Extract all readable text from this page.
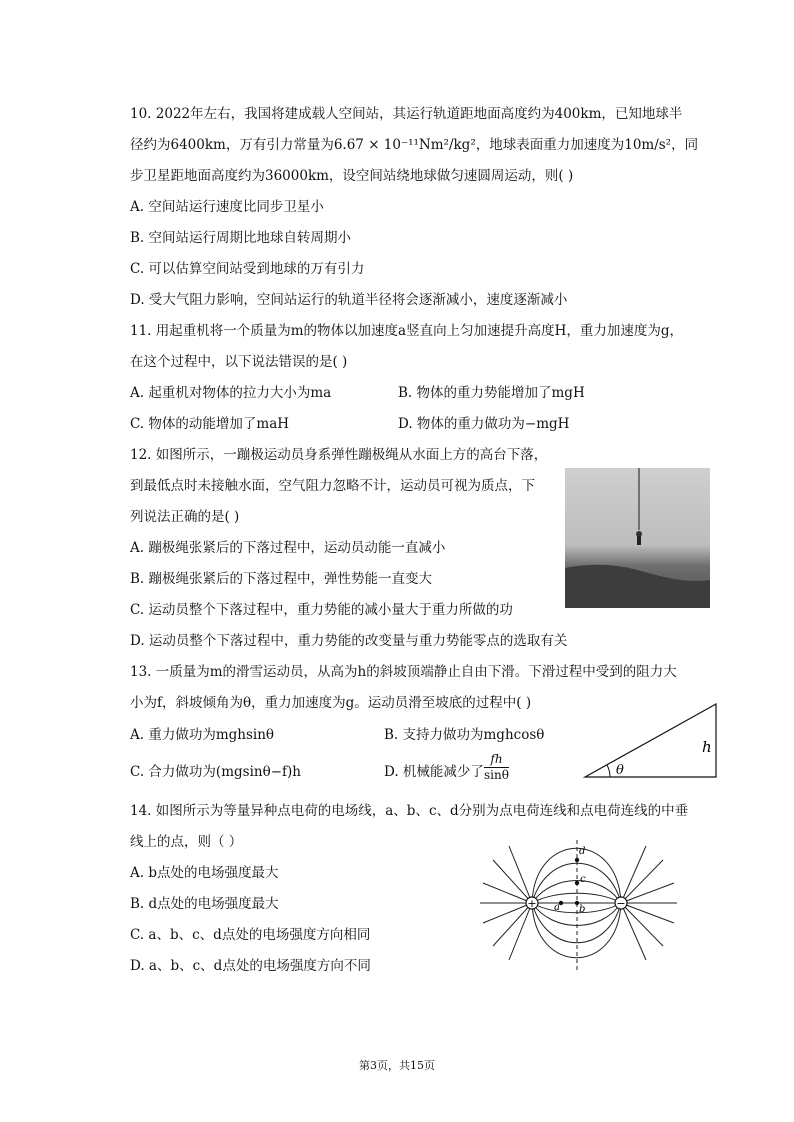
10. 2022年左右，我国将建成载人空间站，其运行轨道距地面高度约为400km，已知地球半
径约为6400km，万有引力常量为6.67 × 10⁻¹¹Nm²/kg²，地球表面重力加速度为10m/s²，同
步卫星距地面高度约为36000km，设空间站绕地球做匀速圆周运动，则( )
A. 空间站运行速度比同步卫星小
B. 空间站运行周期比地球自转周期小
C. 可以估算空间站受到地球的万有引力
D. 受大气阻力影响，空间站运行的轨道半径将会逐渐减小，速度逐渐减小
11. 用起重机将一个质量为m的物体以加速度a竖直向上匀加速提升高度H，重力加速度为g，
在这个过程中，以下说法错误的是( )
A. 起重机对物体的拉力大小为ma	B. 物体的重力势能增加了mgH
C. 物体的动能增加了maH	D. 物体的重力做功为−mgH
12. 如图所示，一蹦极运动员身系弹性蹦极绳从水面上方的高台下落，
到最低点时未接触水面，空气阻力忽略不计，运动员可视为质点，下
列说法正确的是( )
A. 蹦极绳张紧后的下落过程中，运动员动能一直减小
B. 蹦极绳张紧后的下落过程中，弹性势能一直变大
C. 运动员整个下落过程中，重力势能的减小量大于重力所做的功
D. 运动员整个下落过程中，重力势能的改变量与重力势能零点的选取有关
13. 一质量为m的滑雪运动员，从高为h的斜坡顶端静止自由下滑。下滑过程中受到的阻力大
小为f，斜坡倾角为θ，重力加速度为g。运动员滑至坡底的过程中( )
A. 重力做功为mghsinθ	B. 支持力做功为mghcosθ
C. 合力做功为(mgsinθ−f)h	D. 机械能减少了 $\frac{fh}{\sin\theta}$	θ
h
14. 如图所示为等量异种点电荷的电场线，a、b、c、d分别为点电荷连线和点电荷连线的中垂
线上的点，则（ ）
A. b点处的电场强度最大
B. d点处的电场强度最大
C. a、b、c、d点处的电场强度方向相同
D. a、b、c、d点处的电场强度方向不同
+	−
a b
c
d
第3页，共15页
